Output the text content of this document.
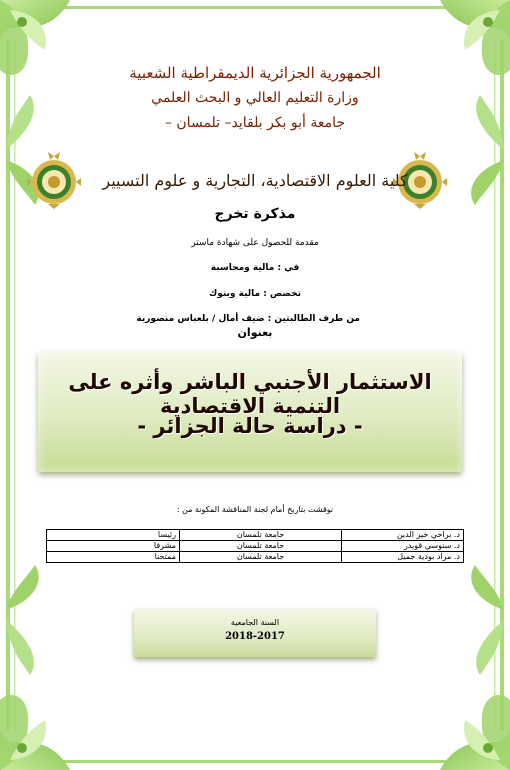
الجمهورية الجزائرية الديمقراطية الشعبية
وزارة التعليم العالي و البحث العلمي
جامعة أبو بكر بلقايد– تلمسان –
كلية العلوم الاقتصادية، التجارية و علوم التسيير
مذكرة تخرج
مقدمة للحصول على شهادة ماستر
في : مالية ومحاسبة
تخصص : مالية وبنوك
من طرف الطالبتين : ضيف أمال / بلعباس منصورية
بعنوان
الاستثمار الأجنبي الباشر وأثره على التنمية الاقتصادية
- دراسة حالة الجزائر -
نوقشت بتاريخ أمام لجنة المناقشة المكونة من :
د. براحي خير الدين	جامعة تلمسان	رئيسا
د. سنوسي قويدر	جامعة تلمسان	مشرفا
د. مراد بودية جميل	جامعة تلمسان	ممتحنا
السنة الجامعية
2018-2017
